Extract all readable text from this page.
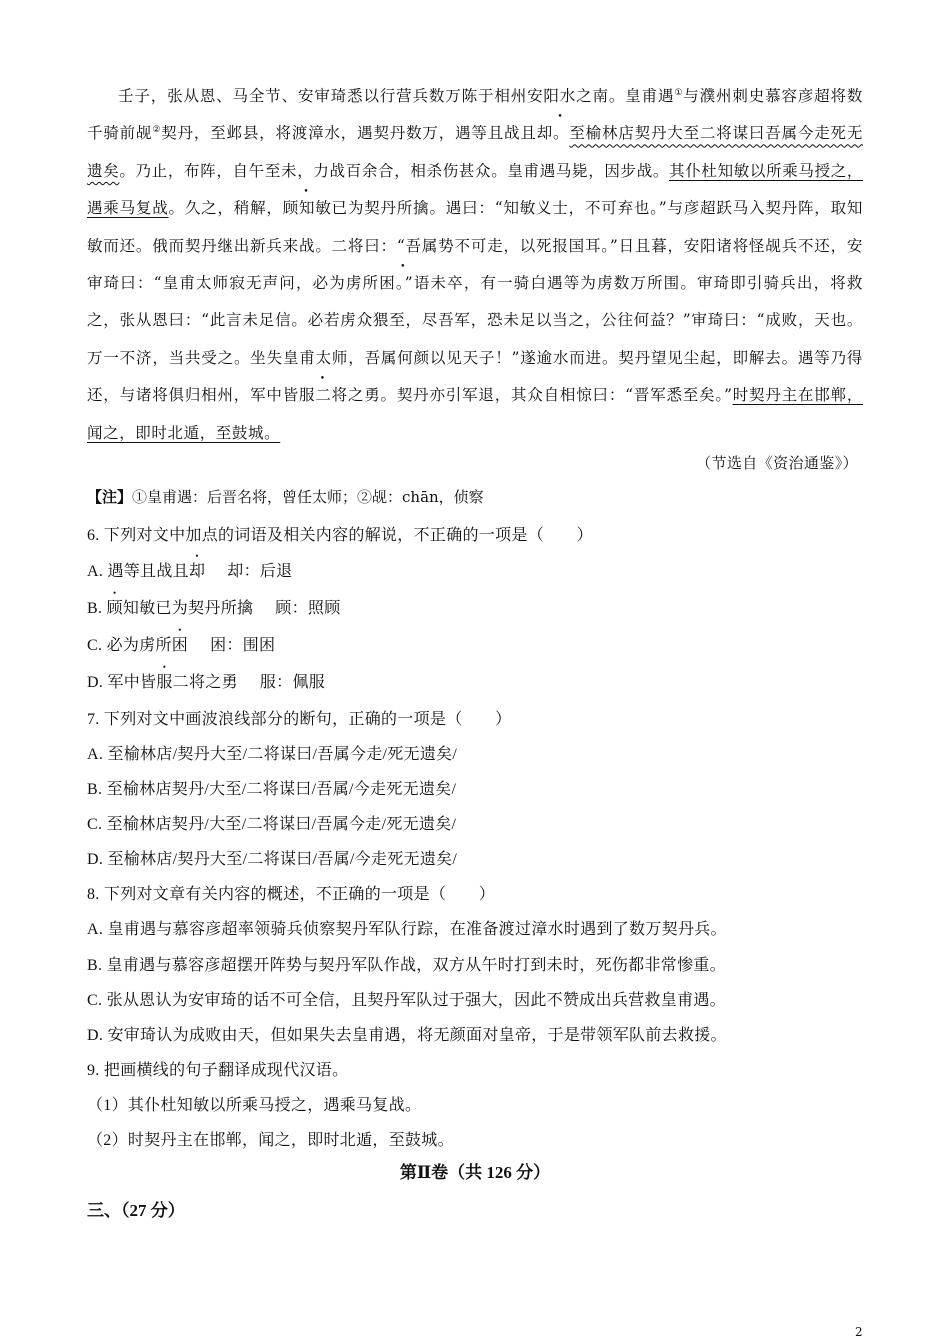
壬子，张从恩、马全节、安审琦悉以行营兵数万陈于相州安阳水之南。皇甫遇①与濮州刺史慕容彦超将数千骑前觇②契丹，至邺县，将渡漳水，遇契丹数万，遇等且战且却。至榆林店契丹大至二将谋曰吾属今走死无遗矣。乃止，布阵，自午至未，力战百余合，相杀伤甚众。皇甫遇马毙，因步战。其仆杜知敏以所乘马授之，遇乘马复战。久之，稍解，顾知敏已为契丹所擒。遇曰：“知敏义士，不可弃也。”与彦超跃马入契丹阵，取知敏而还。俄而契丹继出新兵来战。二将曰：“吾属势不可走，以死报国耳。”日且暮，安阳诸将怪觇兵不还，安审琦曰：“皇甫太师寂无声问，必为虏所困。”语未卒，有一骑白遇等为虏数万所围。审琦即引骑兵出，将救之，张从恩曰：“此言未足信。必若虏众猥至，尽吾军，恐未足以当之，公往何益？”审琦曰：“成败，天也。万一不济，当共受之。坐失皇甫太师，吾属何颜以见天子！”遂逾水而进。契丹望见尘起，即解去。遇等乃得还，与诸将俱归相州，军中皆服二将之勇。契丹亦引军退，其众自相惊曰：“晋军悉至矣。”时契丹主在邯郸，闻之，即时北遁，至鼓城。

（节选自《资治通鉴》）
【注】①皇甫遇：后晋名将，曾任太师；②觇：chān，侦察
6. 下列对文中加点的词语及相关内容的解说，不正确的一项是（　　）
A. 遇等且战且却 却：后退
B. 顾知敏已为契丹所擒 顾：照顾
C. 必为虏所困 困：围困
D. 军中皆服二将之勇 服：佩服
7. 下列对文中画波浪线部分的断句，正确的一项是（　　）
A. 至榆林店/契丹大至/二将谋曰/吾属今走/死无遗矣/
B. 至榆林店契丹/大至/二将谋曰/吾属/今走死无遗矣/
C. 至榆林店契丹/大至/二将谋曰/吾属今走/死无遗矣/
D. 至榆林店/契丹大至/二将谋曰/吾属/今走死无遗矣/
8. 下列对文章有关内容的概述，不正确的一项是（　　）
A. 皇甫遇与慕容彦超率领骑兵侦察契丹军队行踪，在准备渡过漳水时遇到了数万契丹兵。
B. 皇甫遇与慕容彦超摆开阵势与契丹军队作战，双方从午时打到未时，死伤都非常惨重。
C. 张从恩认为安审琦的话不可全信，且契丹军队过于强大，因此不赞成出兵营救皇甫遇。
D. 安审琦认为成败由天，但如果失去皇甫遇，将无颜面对皇帝，于是带领军队前去救援。
9. 把画横线的句子翻译成现代汉语。
（1）其仆杜知敏以所乘马授之，遇乘马复战。
（2）时契丹主在邯郸，闻之，即时北遁，至鼓城。
第Ⅱ卷（共 126 分）
三、（27 分）
2
